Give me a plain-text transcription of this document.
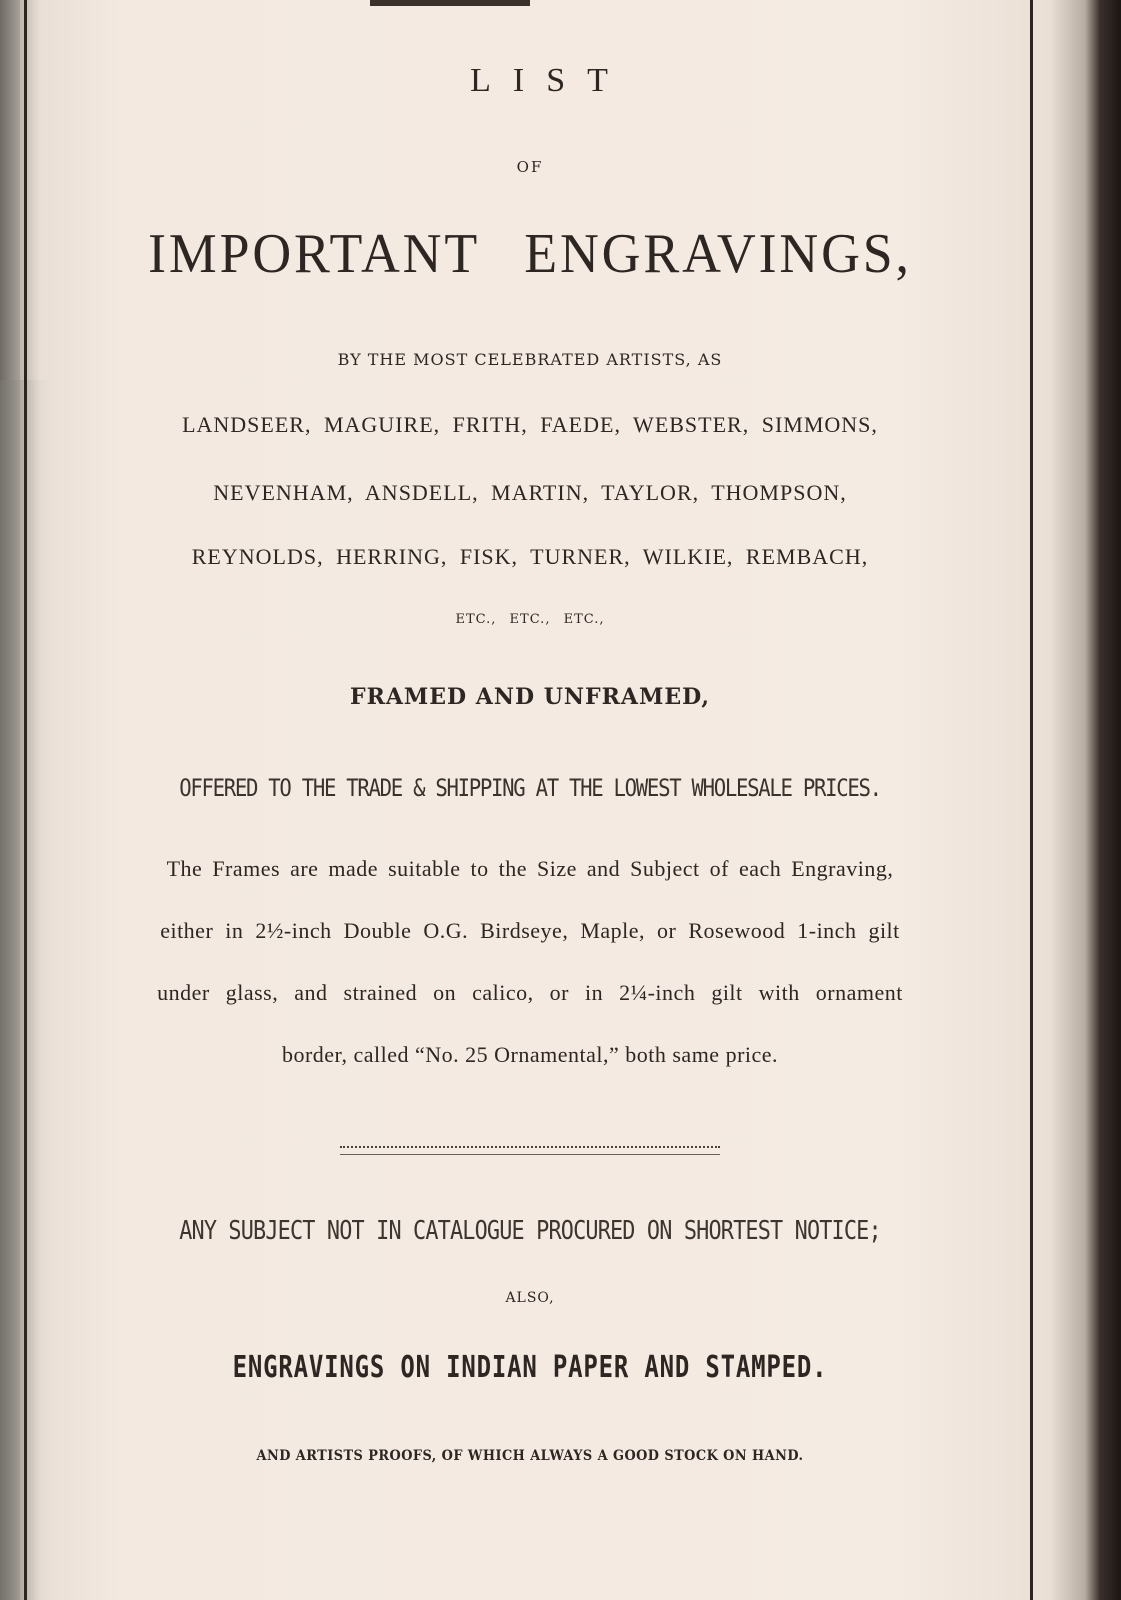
LIST
OF
IMPORTANT ENGRAVINGS,
BY THE MOST CELEBRATED ARTISTS, AS
LANDSEER, MAGUIRE, FRITH, FAEDE, WEBSTER, SIMMONS,
NEVENHAM, ANSDELL, MARTIN, TAYLOR, THOMPSON,
REYNOLDS, HERRING, FISK, TURNER, WILKIE, REMBACH,
ETC., ETC., ETC.,
FRAMED AND UNFRAMED,
OFFERED TO THE TRADE & SHIPPING AT THE LOWEST WHOLESALE PRICES.
The Frames are made suitable to the Size and Subject of each Engraving,
either in 2½-inch Double O.G. Birdseye, Maple, or Rosewood 1-inch gilt
under glass, and strained on calico, or in 2¼-inch gilt with ornament
border, called “No. 25 Ornamental,” both same price.
ANY SUBJECT NOT IN CATALOGUE PROCURED ON SHORTEST NOTICE;
ALSO,
ENGRAVINGS ON INDIAN PAPER AND STAMPED.
AND ARTISTS PROOFS, OF WHICH ALWAYS A GOOD STOCK ON HAND.
